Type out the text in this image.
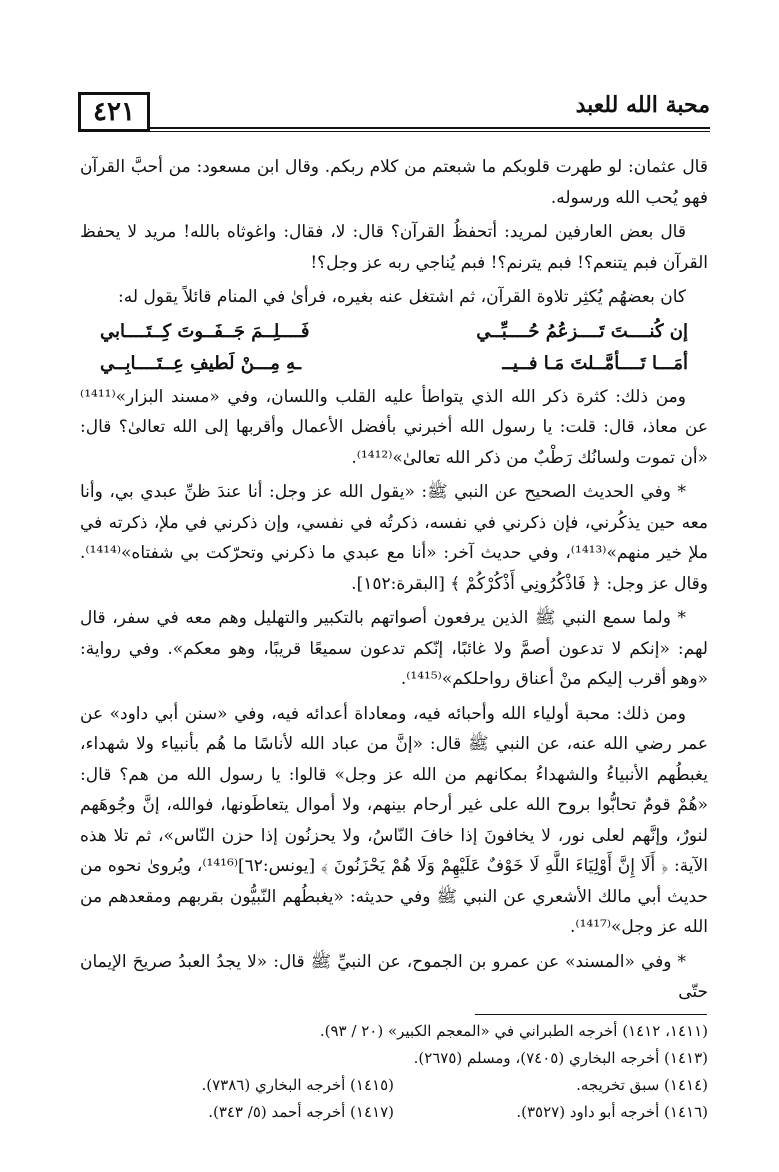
٤٢١	محبة الله للعبد

قال عثمان: لو طهرت قلوبكم ما شبعتم من كلام ربكم. وقال ابن مسعود: من أحبَّ القرآن فهو يُحب الله ورسوله.

قال بعض العارفين لمريد: أتحفظُ القرآن؟ قال: لا، فقال: واغوثاه بالله! مريد لا يحفظ القرآن فبم يتنعم؟! فبم يترنم؟! فبم يُناجي ربه عز وجل؟!

كان بعضهُم يُكثِر تلاوة القرآن، ثم اشتغل عنه بغيره، فرأىٰ في المنام قائلاً يقول له:

إن كُنــــتَ تَــــزعُمُ حُــــبِّــي
فَــــلِــمَ جَــفَــوتَ كِــتَــــابي
أمَـــا تَــــأمَّــلتَ مَـا فــيــ
ـهِ مِـــنْ لَطيفِ عِــتَــــابِــي

ومن ذلك: كثرة ذكر الله الذي يتواطأ عليه القلب واللسان، وفي «مسند البزار»⁽¹⁴¹¹⁾ عن معاذ، قال: قلت: يا رسول الله أخبرني بأفضل الأعمال وأقربها إلى الله تعالىٰ؟ قال: «أن تموت ولسانُك رَطْبٌ من ذكر الله تعالىٰ»⁽¹⁴¹²⁾.

* وفي الحديث الصحيح عن النبي ﷺ: «يقول الله عز وجل: أنا عندَ ظنِّ عبدي بي، وأنا معه حين يذكُرني، فإن ذكرني في نفسه، ذكرتُه في نفسي، وإن ذكرني في ملإ، ذكرته في ملإ خير منهم»⁽¹⁴¹³⁾، وفي حديث آخر: «أنا مع عبدي ما ذكرني وتحرّكت بي شفتاه»⁽¹⁴¹⁴⁾. وقال عز وجل: ﴿ فَاذْكُرُونِي أَذْكُرْكُمْ ﴾ [البقرة:١٥٢].

* ولما سمع النبي ﷺ الذين يرفعون أصواتهم بالتكبير والتهليل وهم معه في سفر، قال لهم: «إنكم لا تدعون أصمَّ ولا غائبًا، إنّكم تدعون سميعًا قريبًا، وهو معكم». وفي رواية: «وهو أقرب إليكم منْ أعناق رواحلكم»⁽¹⁴¹⁵⁾.

ومن ذلك: محبة أولياء الله وأحبائه فيه، ومعاداة أعدائه فيه، وفي «سنن أبي داود» عن عمر رضي الله عنه، عن النبي ﷺ قال: «إنَّ من عباد الله لأناسًا ما هُم بأنبياء ولا شهداء، يغبطُهم الأنبياءُ والشهداءُ بمكانهم من الله عز وجل» قالوا: يا رسول الله من هم؟ قال: «هُمْ قومٌ تحابُّوا بروح الله على غير أرحام بينهم، ولا أموال يتعاطَونها، فوالله، إنَّ وجُوهَهم لنورٌ، وإنَّهم لعلى نور، لا يخافونَ إذا خافَ النّاسُ، ولا يحزنُون إذا حزن النّاس»، ثم تلا هذه الآية: ﴿ أَلَا إِنَّ أَوْلِيَاءَ اللَّهِ لَا خَوْفٌ عَلَيْهِمْ وَلَا هُمْ يَحْزَنُونَ ﴾ [يونس:٦٢]⁽¹⁴¹⁶⁾، ويُروىٰ نحوه من حديث أبي مالك الأشعري عن النبي ﷺ وفي حديثه: «يغبطُهم النّبيُّون بقربهم ومقعدهم من الله عز وجل»⁽¹⁴¹⁷⁾.

* وفي «المسند» عن عمرو بن الجموح، عن النبيِّ ﷺ قال: «لا يجدُ العبدُ صريحَ الإيمان حتّى

(١٤١١، ١٤١٢) أخرجه الطبراني في «المعجم الكبير» (٢٠ / ٩٣).
(١٤١٣) أخرجه البخاري (٧٤٠٥)، ومسلم (٢٦٧٥).
(١٤١٤) سبق تخريجه.
(١٤١٥) أخرجه البخاري (٧٣٨٦).
(١٤١٦) أخرجه أبو داود (٣٥٢٧).
(١٤١٧) أخرجه أحمد (٥/ ٣٤٣).
